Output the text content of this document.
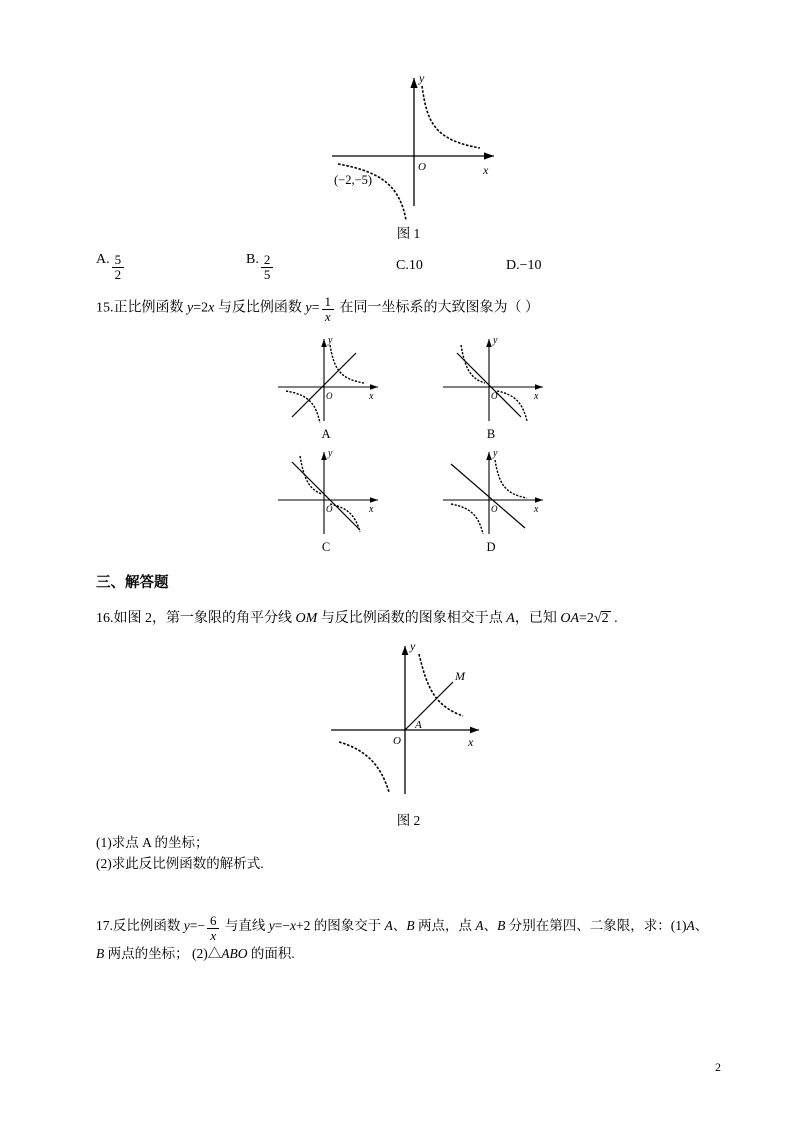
x
y
O
(−2,−5)
图 1
A. $\frac{5}{2}$	B. $\frac{2}{5}$	C.10	D.−10
15.正比例函数 y=2x 与反比例函数 $y= \frac{1}{x}$ 在同一坐标系的大致图象为（ ）
x
y
O
A
x
y
O
B
x
y
O
C
x
y
O
D
三、解答题
16.如图 2，第一象限的角平分线 OM 与反比例函数的图象相交于点 A，已知 OA=2√2 .
x
y
O
M
A
图 2
(1)求点 A 的坐标；
(2)求此反比例函数的解析式.
17.反比例函数 $y=- \frac{6}{x}$ 与直线 y=−x+2 的图象交于 A、B 两点，点 A、B 分别在第四、二象限，求：(1)A、
B 两点的坐标； (2)△ABO 的面积.
2
